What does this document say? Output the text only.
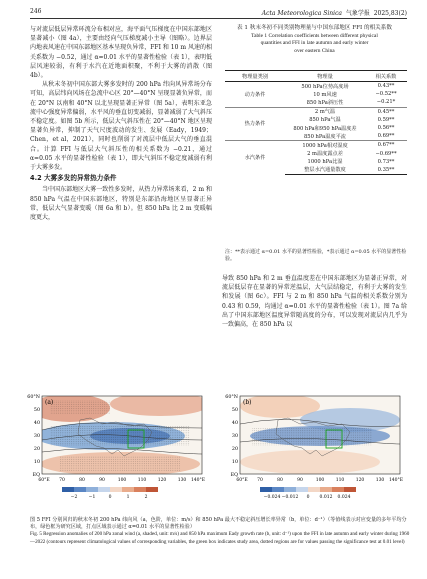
246	Acta Meteorologica Sinica 气象学报 2025,83(2)

与对流层低层异常环流分布相对应，海平面气压梯度在中国东部地区显著减小（图 4a），主要由经向气压梯度减小主导（图略）。边界层内地表风速在中国东部地区基本呈现负异常，FFI 和 10 m 风速的相关系数为 −0.52，通过 α=0.01 水平的显著性检验（表 1），表明低层风速较弱，有利于水汽在近地面积聚，不利于大雾的消散（图 4b）。

从秋末冬初中国东部大雾多发时的 200 hPa 纬向风异常场分布可知，高层纬向风场在急流中心区 20°—40°N 呈现显著负异常，而在 20°N 以南和 40°N 以北呈现显著正异常（图 5a），表明东亚急流中心强度异常偏弱，水平风的垂直切变减弱，显著减弱了大气斜压不稳定度。如图 5b 所示，低层大气斜压性在 20°—40°N 地区呈现显著负异常，抑制了天气尺度波动的发生、发展（Eady，1949；Chen，et al，2021），同时也削弱了对流层中低层大气的垂直混合。计算 FFI 与低层大气斜压性的相关系数为 −0.21，通过 α=0.05 水平的显著性检验（表 1），即大气斜压不稳定度减弱有利于大雾多发。

4.2 大雾多发的异常热力条件

当中国东部地区大雾一致性多发时，从热力异常场来看，2 m 和 850 hPa 气温在中国东部地区，特别是东部沿海地区呈显著正异常，低层大气显著变暖（图 6a 和 b）。但 850 hPa 比 2 m 变暖幅度更大，

表 1 秋末冬初不同类别物理量与中国东部地区 FFI 的相关系数
Table 1 Correlation coefficients between different physical
quantities and FFI in late autumn and early winter
over eastern China
物理量类别	物理量	相关系数
动力条件	500 hPa位势高度场	0.43**
	10 m风速	−0.52**
	850 hPa斜压性	−0.21*
热力条件	2 m气温	0.45**
	850 hPa气温	0.59**
	800 hPa和950 hPa温度差	0.56**
	850 hPa温度平流	0.69**
水汽条件	1000 hPa相对湿度	0.67**
	2 m温度露点差	−0.69**
	1000 hPa比湿	0.73**
	整层水汽通量散度	0.35**
注：**表示通过 α=0.01 水平的显著性检验，*表示通过 α=0.05 水平的显著性检验。

导致 850 hPa 和 2 m 垂直温度差在中国东部地区为显著正异常，对流层低层存在显著的异常逆温层，大气层结稳定，有利于大雾的发生和发展（图 6c）。FFI 与 2 m 和 850 hPa 气温的相关系数分别为 0.43 和 0.59，均通过 α=0.01 水平的显著性检验（表 1）。图 7a 给出了中国东部地区温度异常随高度的分布，可以发现对流层内几乎为一致偏高，在 850 hPa 以

(a)	(b)
60°N
50
40
30
20
10
EQ
60°N
50
40
30
20
10
EQ
60°E 70	80	90	100	110	120	130 140°E	60°E 70	80	90	100	110	120	130 140°E
−2	−1	0	1	2	−0.024 −0.012 0 0.012 0.024
图 5 FFI 分别回归的秋末冬初 200 hPa 纬向风（a，色阶，单位：m/s）和 850 hPa 最大不稳定斜压增长率异常（b，单位：d⁻¹）（等值线表示对应变量的多年平均分布，绿色框为研究区域，打点区域表示通过 α=0.01 水平的显著性检验）
Fig. 5 Regression anomalies of 200 hPa zonal wind (a, shaded, unit: m/s) and 850 hPa maximum Eady growth rate (b, unit: d⁻¹) upon the FFI in late autumn and early winter during 1960—2022 (contours represent climatological values of corresponding variables, the green box indicates study area, dotted regions are for values passing the significance test at 0.01 level)
